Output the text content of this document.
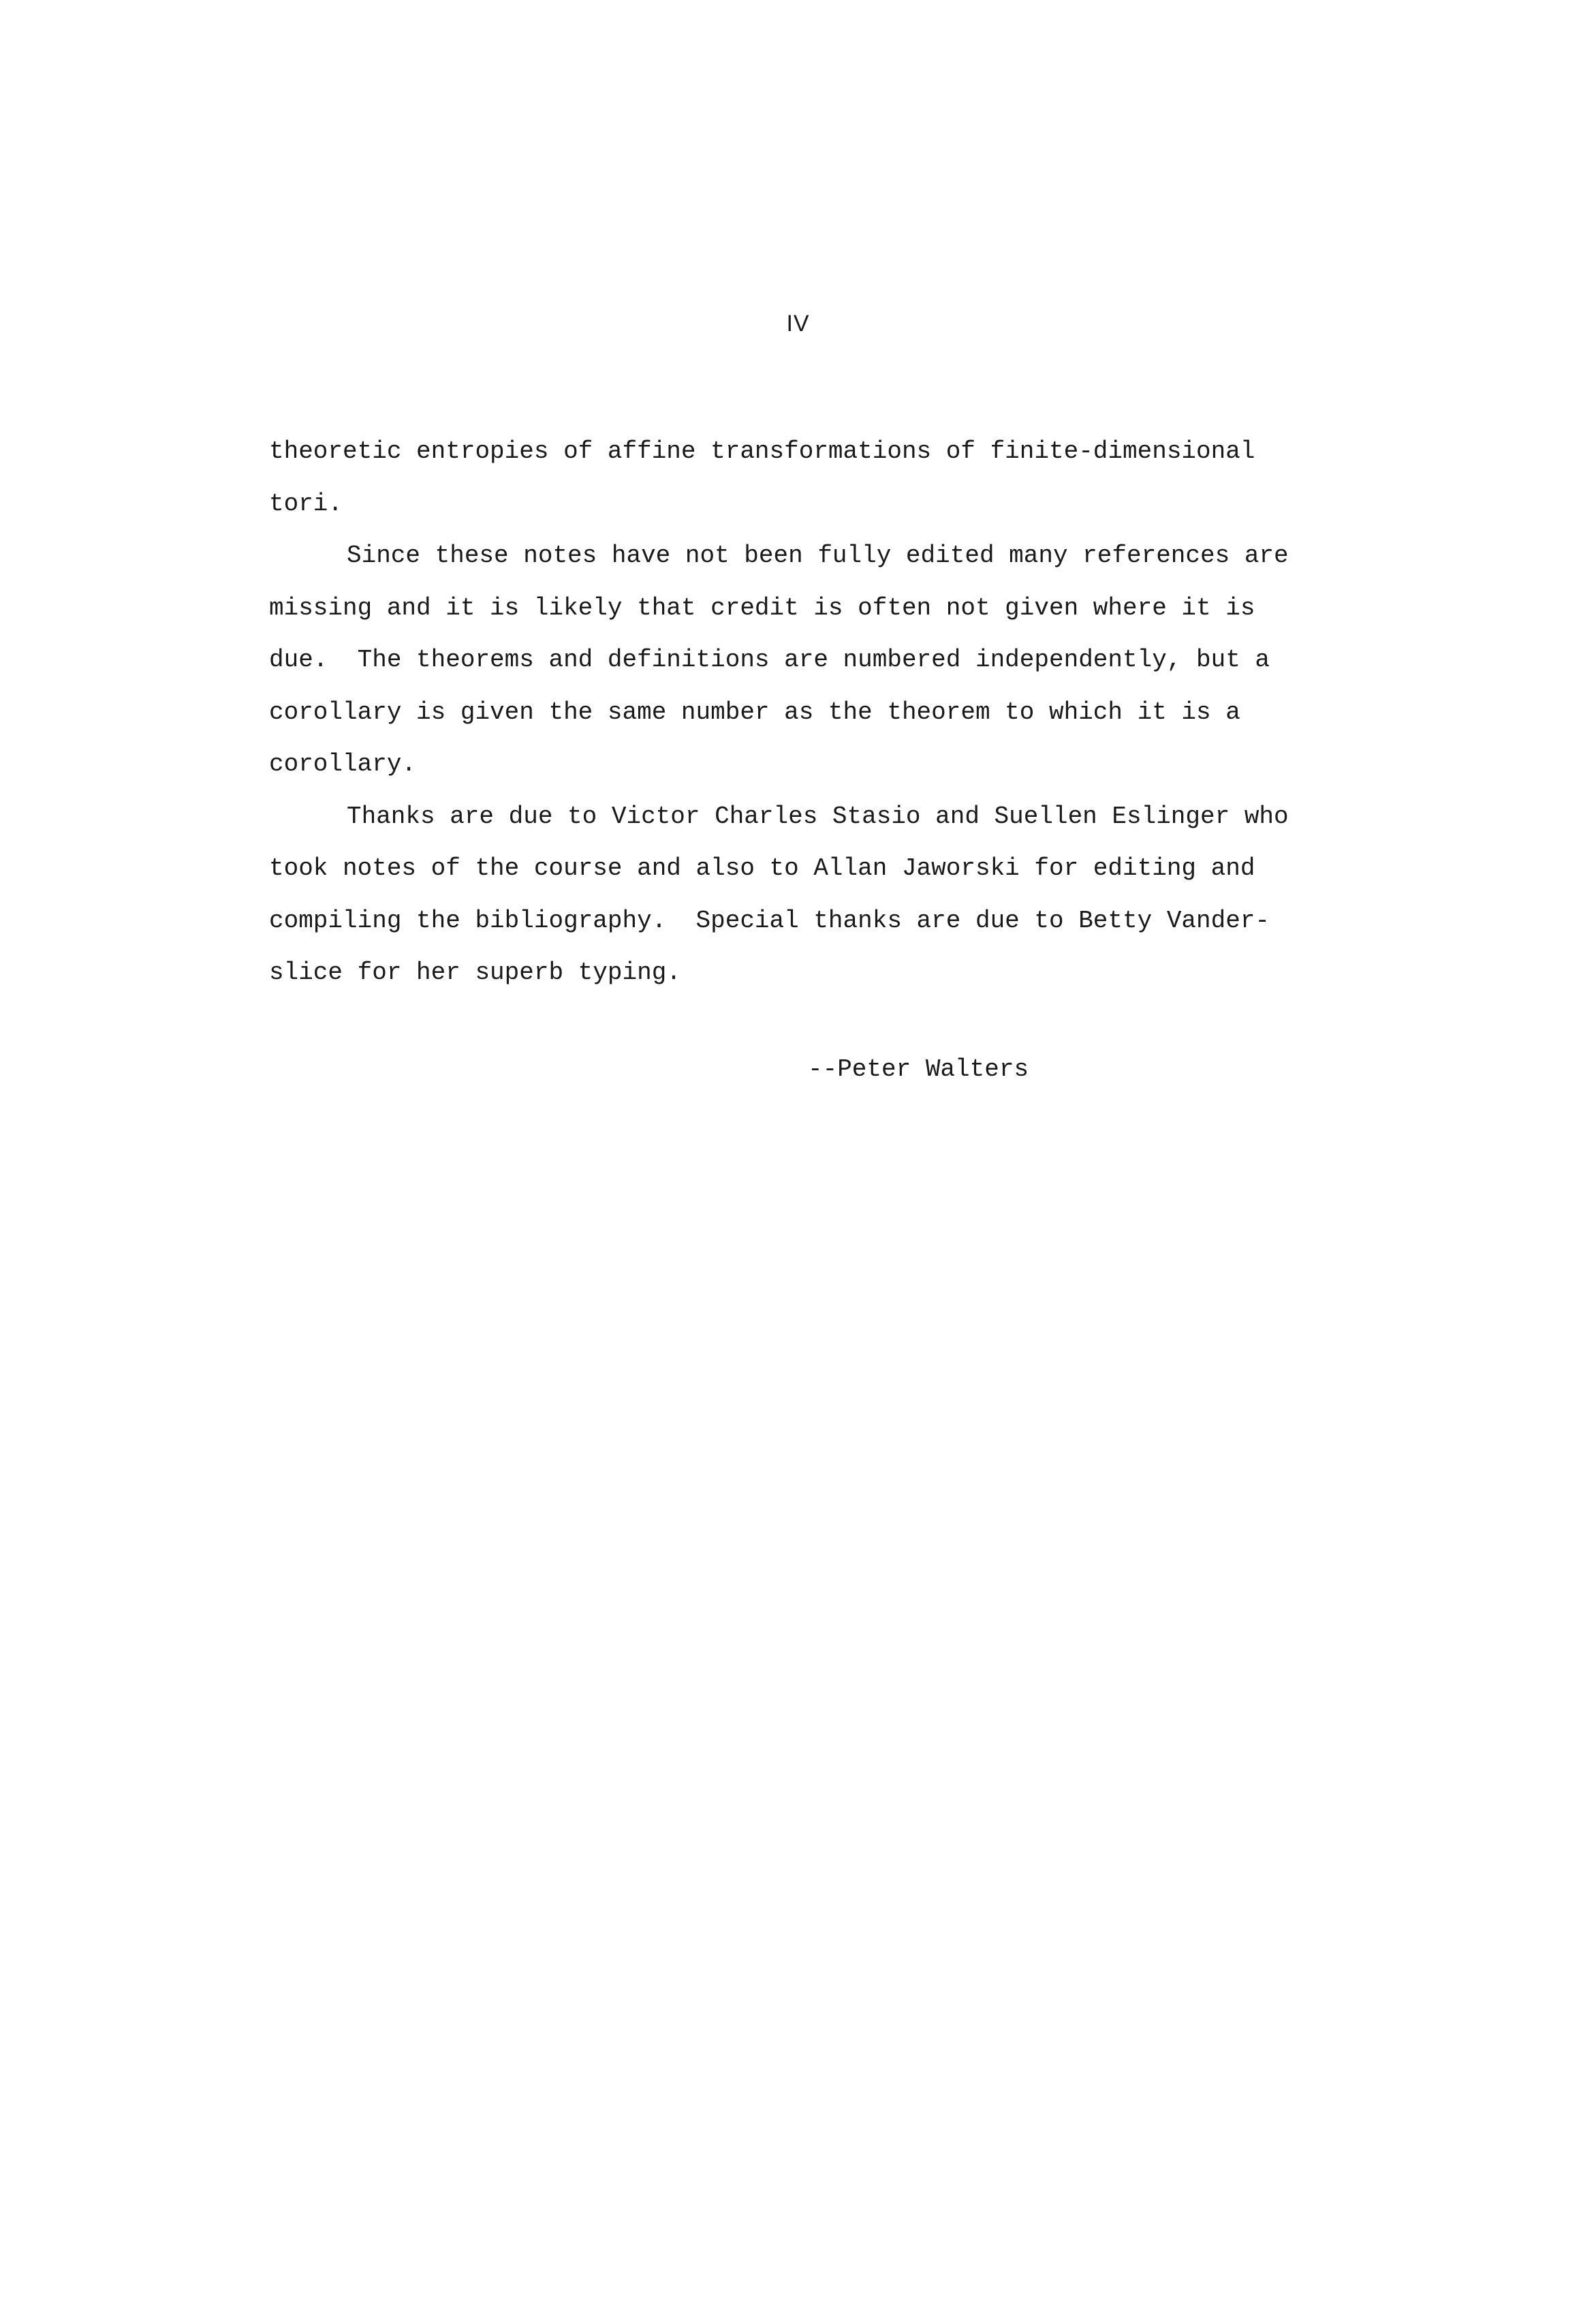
IV
theoretic entropies of affine transformations of finite-dimensional
tori.
Since these notes have not been fully edited many references are
missing and it is likely that credit is often not given where it is
due.  The theorems and definitions are numbered independently, but a
corollary is given the same number as the theorem to which it is a
corollary.
Thanks are due to Victor Charles Stasio and Suellen Eslinger who
took notes of the course and also to Allan Jaworski for editing and
compiling the bibliography.  Special thanks are due to Betty Vander-
slice for her superb typing.
--Peter Walters
